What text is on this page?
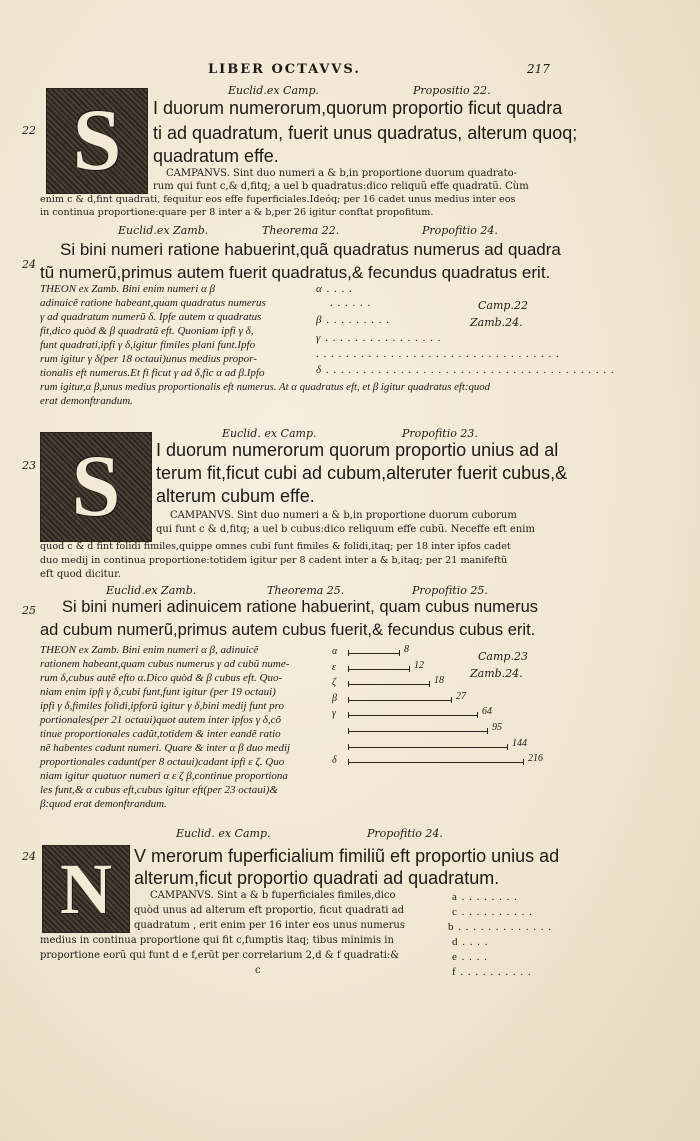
LIBER OCTAVVS.	217
Euclid.ex Camp.	Propositio 22.
22 S I duorum numerorum,quorum proportio ficut quadra
ti ad quadratum, fuerit unus quadratus, alterum quoq;
quadratum effe.
CAMPANVS. Sint duo numeri a & b,in proportione duorum quadrato-
rum qui funt c,& d,fitq; a uel b quadratus:dico reliquũ effe quadratũ. Cùm
enim c & d,fint quadrati, fequitur eos effe fuperficiales.Ideóq; per 16 cadet unus medius inter eos
in continua proportione:quare per 8 inter a & b,per 26 igitur conftat propofitum.
Euclid.ex Zamb.	Theorema 22.	Propofitio 24.
24
Si bini numeri ratione habuerint,quã quadratus numerus ad quadra
tũ numerũ,primus autem fuerit quadratus,& fecundus quadratus erit.
THEON ex Zamb. Bini enim numeri α β
adinuicẽ ratione habeant,quam quadratus numerus
γ ad quadratum numerũ δ. Ipfe autem α quadratus
fit,dico quòd & β quadratũ eft. Quoniam ipfi γ δ,
funt quadrati,ipfi γ δ,igitur fimiles plani funt.Ipfo
rum igitur γ δ(per 18 octaui)unus medius propor-
tionalis eft numerus.Et fi ficut γ ad δ,fic α ad β.Ipfo
rum igitur,α β,unus medius proportionalis eft numerus. At α quadratus eft, et β igitur quadratus eft:quod
erat demonftrandum.
α . . . .
. . . . . .
β . . . . . . . . .
γ . . . . . . . . . . . . . . . .
. . . . . . . . . . . . . . . . . . . . . . . . . . . . . . . . .
δ . . . . . . . . . . . . . . . . . . . . . . . . . . . . . . . . . . . . . . .
Camp.22
Zamb.24.
Euclid. ex Camp.	Propofitio 23.
23 S I duorum numerorum quorum proportio unius ad al
terum fit,ficut cubi ad cubum,alteruter fuerit cubus,&
alterum cubum effe.
CAMPANVS. Sint duo numeri a & b,in proportione duorum cuborum
qui funt c & d,fitq; a uel b cubus:dico reliquum effe cubũ. Neceffe eft enim
quod c & d fint folidi fimiles,quippe omnes cubi funt fimiles & folidi,itaq; per 18 inter ipfos cadet
duo medij in continua proportione:totidem igitur per 8 cadent inter a & b,itaq; per 21 manifeftũ
eft quod dicitur.
Euclid.ex Zamb.	Theorema 25.	Propofitio 25.
25 Si bini numeri adinuicem ratione habuerint, quam cubus numerus
ad cubum numerũ,primus autem cubus fuerit,& fecundus cubus erit.
THEON ex Zamb. Bini enim numeri α β, adinuicẽ
rationem habeant,quam cubus numerus γ ad cubũ nume-
rum δ,cubus autẽ efto α.Dico quòd & β cubus eft. Quo-
niam enim ipfi γ δ,cubi funt,funt igitur (per 19 octaui)
ipfi γ δ,fimiles folidi,ipforũ igitur γ δ,bini medij funt pro
portionales(per 21 octaui)quot autem inter ipfos γ δ,cõ
tinue proportionales cadũt,totidem & inter eandẽ ratio
nẽ habentes cadunt numeri. Quare & inter α β duo medij
proportionales cadunt(per 8 octaui)cadant ipfi ε ζ. Quo
niam igitur quatuor numeri α ε ζ β,continue proportiona
les funt,& α cubus eft,cubus igitur eft(per 23 octaui)&
β:quod erat demonftrandum.
α	8
ε	12
ζ	18
β	27
γ	64
95
144
δ	216
Camp.23
Zamb.24.
Euclid. ex Camp.	Propofitio 24.
24 N V merorum fuperficialium fimiliũ eft proportio unius ad
alterum,ficut proportio quadrati ad quadratum.
CAMPANVS. Sint a & b fuperficiales fimiles,dico
quòd unus ad alterum eft proportio, ficut quadrati ad
quadratum , erit enim per 16 inter eos unus numerus
medius in continua proportione qui fit c,fumptis itaq; tibus minimis in
proportione eorũ qui funt d e f,erũt per correlarium 2,d & f quadrati:&
c
a . . . . . . . .
c . . . . . . . . . .
b . . . . . . . . . . . . .
d . . . .
e . . . .
f . . . . . . . . . .
